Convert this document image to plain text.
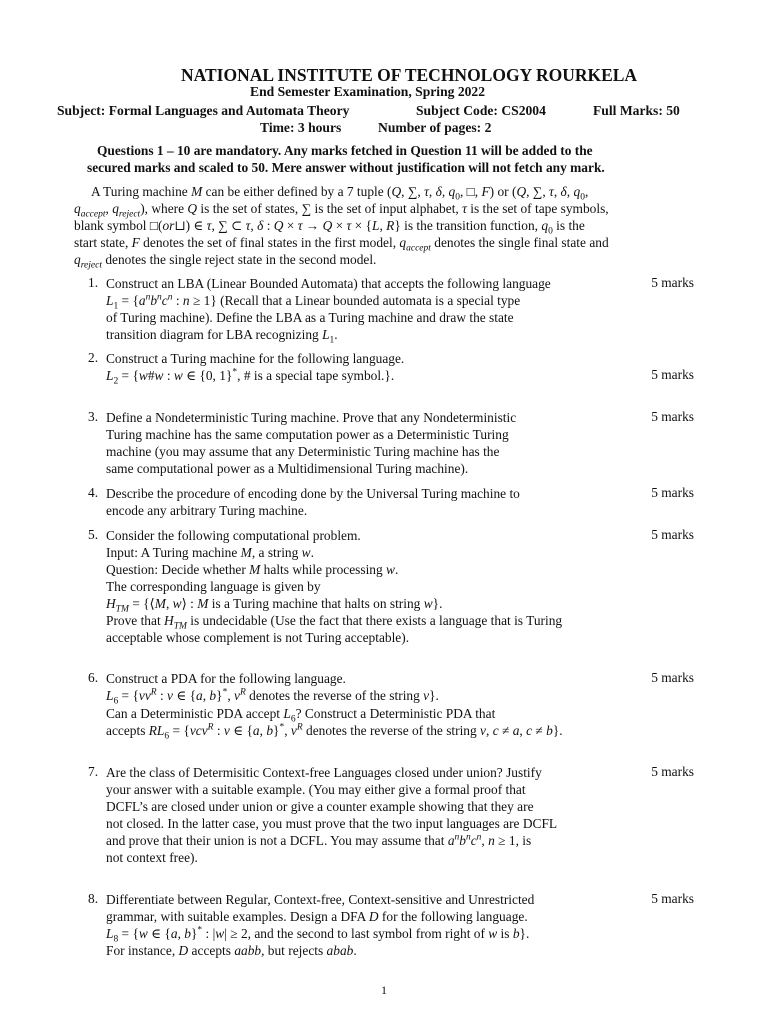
NATIONAL INSTITUTE OF TECHNOLOGY ROURKELA
End Semester Examination, Spring 2022
Subject: Formal Languages and Automata Theory	Subject Code: CS2004	Full Marks: 50
Time: 3 hours	Number of pages: 2
Questions 1 – 10 are mandatory. Any marks fetched in Question 11 will be added to the
secured marks and scaled to 50. Mere answer without justification will not fetch any mark.
A Turing machine M can be either defined by a 7 tuple (Q, ∑, τ, δ, $q_0$, □, F) or (Q, ∑, τ, δ, $q_0$,
$q_{accept}$, $q_{reject}$), where Q is the set of states, ∑ is the set of input alphabet, τ is the set of tape symbols,
blank symbol □(or⊔) ∈ τ, ∑ ⊂ τ, δ : Q × τ → Q × τ × {L, R} is the transition function, $q_0$ is the
start state, F denotes the set of final states in the first model, $q_{accept}$ denotes the single final state and
$q_{reject}$ denotes the single reject state in the second model.
1. Construct an LBA (Linear Bounded Automata) that accepts the following language	5 marks
$L_1 = \{a^nb^nc^n$ : n ≥ 1} (Recall that a Linear bounded automata is a special type
of Turing machine). Define the LBA as a Turing machine and draw the state
transition diagram for LBA recognizing $L_1$.
2. Construct a Turing machine for the following language.
$L_2$ = {w#w : w ∈ {0, 1}*, # is a special tape symbol.}.	5 marks
3. Define a Nondeterministic Turing machine. Prove that any Nondeterministic	5 marks
Turing machine has the same computation power as a Deterministic Turing
machine (you may assume that any Deterministic Turing machine has the
same computational power as a Multidimensional Turing machine).
4. Describe the procedure of encoding done by the Universal Turing machine to	5 marks
encode any arbitrary Turing machine.
5. Consider the following computational problem.	5 marks
Input: A Turing machine M, a string w.
Question: Decide whether M halts while processing w.
The corresponding language is given by
$H_{TM}$ = {⟨M, w⟩ : M is a Turing machine that halts on string w}.
Prove that $H_{TM}$ is undecidable (Use the fact that there exists a language that is Turing
acceptable whose complement is not Turing acceptable).
6. Construct a PDA for the following language.	5 marks
$L_6 = \{vv^R$ : v ∈ {a, b}*, $v^R$ denotes the reverse of the string v}.
Can a Deterministic PDA accept $L_6$? Construct a Deterministic PDA that
accepts $RL_6 = \{vcv^R$ : v ∈ {a, b}*, $v^R$ denotes the reverse of the string v, c ≠ a, c ≠ b}.
7. Are the class of Determisitic Context-free Languages closed under union? Justify	5 marks
your answer with a suitable example. (You may either give a formal proof that
DCFL’s are closed under union or give a counter example showing that they are
not closed. In the latter case, you must prove that the two input languages are DCFL
and prove that their union is not a DCFL. You may assume that $a^nb^nc^n$, n ≥ 1, is
not context free).
8. Differentiate between Regular, Context-free, Context-sensitive and Unrestricted	5 marks
grammar, with suitable examples. Design a DFA D for the following language.
$L_8 = \{w$ ∈ {a, b}* : |w| ≥ 2, and the second to last symbol from right of w is b}.
For instance, D accepts aabb, but rejects abab.
1
